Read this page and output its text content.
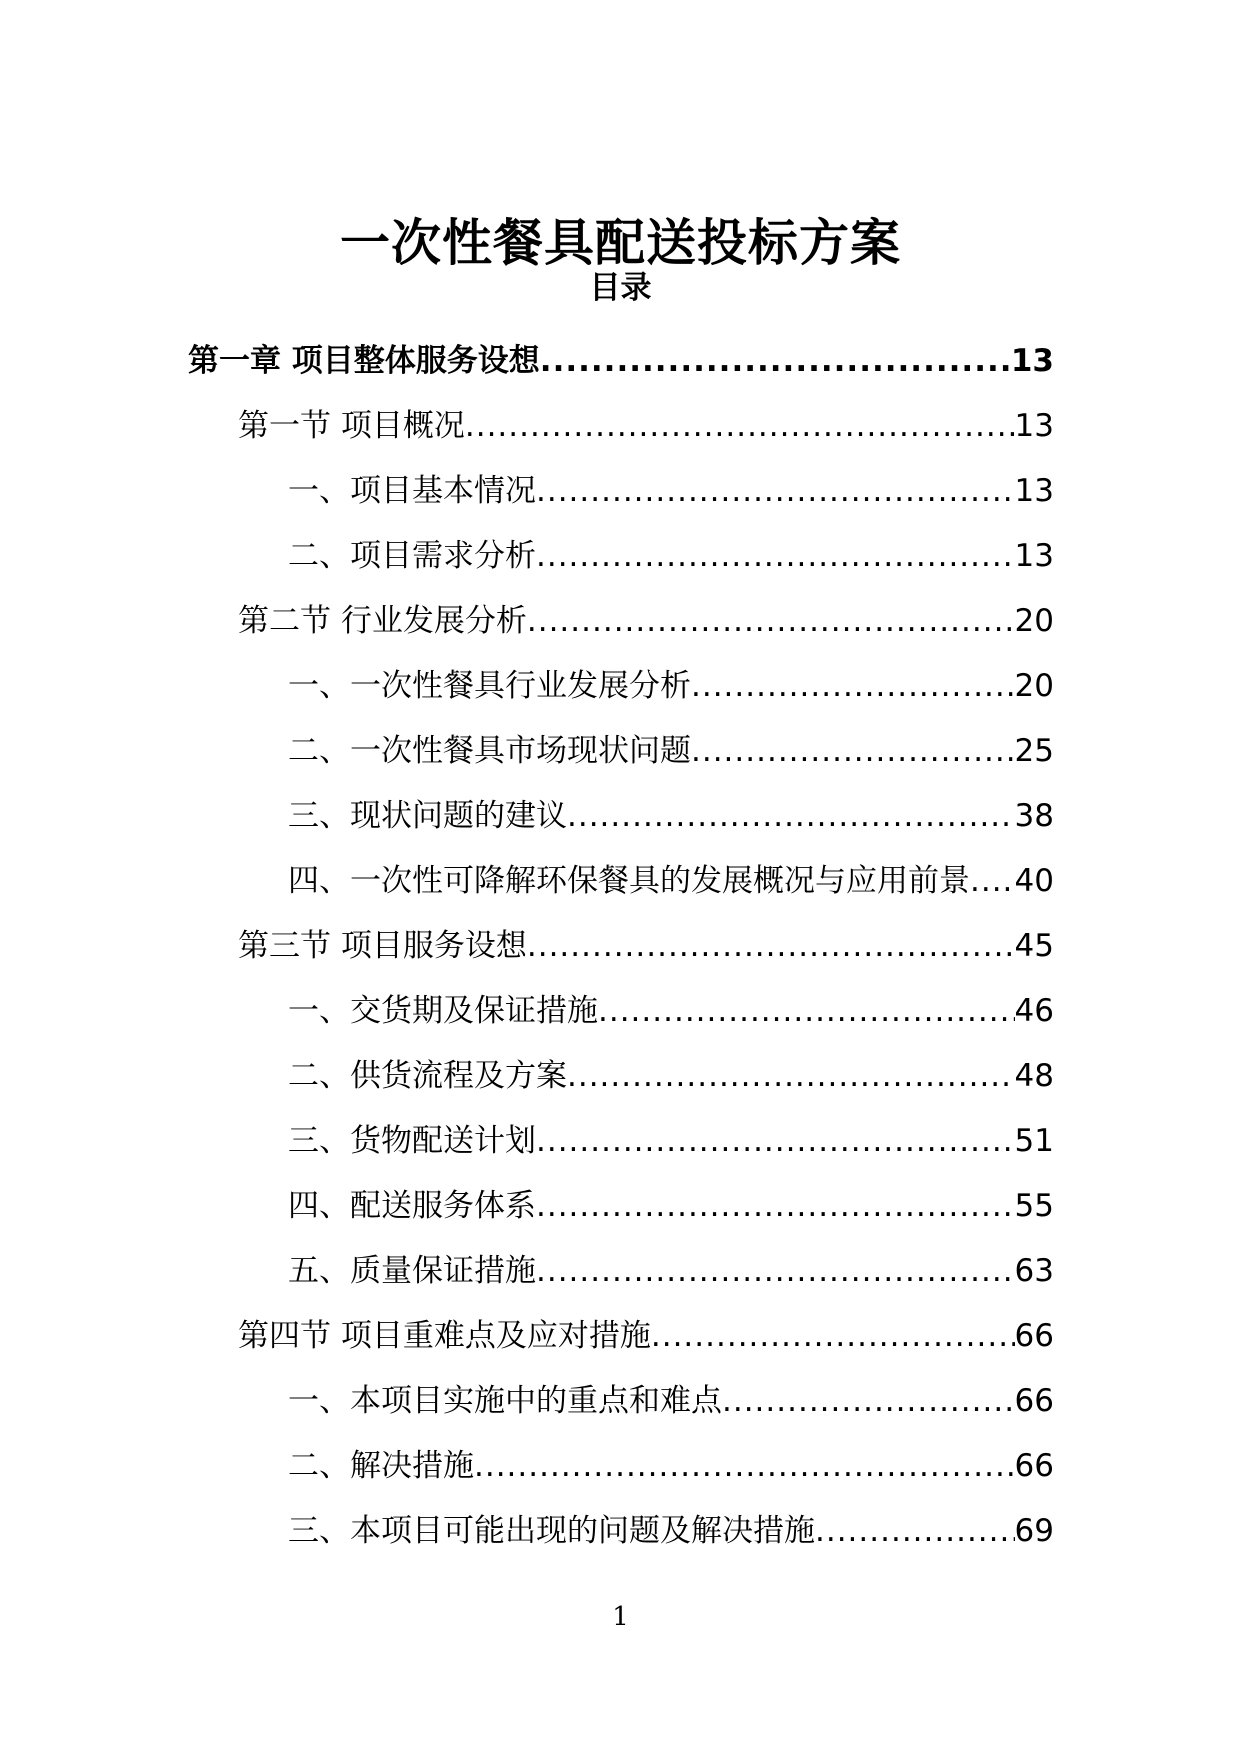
一次性餐具配送投标方案
目录
第一章 项目整体服务设想 .....	13
第一节 项目概况 .....	13
一、项目基本情况 .....	13
二、项目需求分析 .....	13
第二节 行业发展分析 .....	20
一、一次性餐具行业发展分析 .....	20
二、一次性餐具市场现状问题 .....	25
三、现状问题的建议 .....	38
四、一次性可降解环保餐具的发展概况与应用前景 ..... 40
第三节 项目服务设想 .....	45
一、交货期及保证措施 .....	46
二、供货流程及方案 .....	48
三、货物配送计划 .....	51
四、配送服务体系 .....	55
五、质量保证措施 .....	63
第四节 项目重难点及应对措施 .....	66
一、本项目实施中的重点和难点 .....	66
二、解决措施 .....	66
三、本项目可能出现的问题及解决措施 .....	69
1
